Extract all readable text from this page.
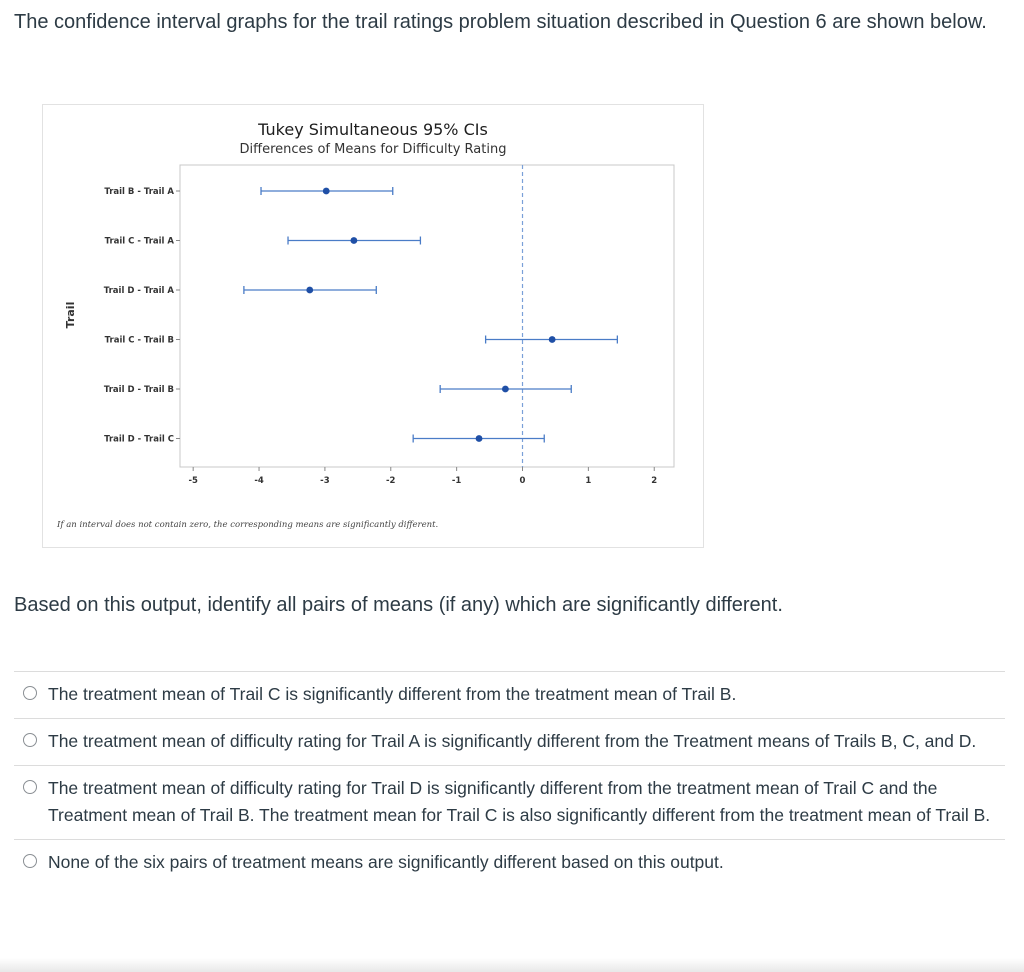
The confidence interval graphs for the trail ratings problem situation described in Question 6 are shown below.

Tukey Simultaneous 95% CIs
Differences of Means for Difficulty Rating
Trail
-5	-4	-3	-2	-1	0	1	2
Trail B - Trail A
Trail C - Trail A
Trail D - Trail A
Trail C - Trail B
Trail D - Trail B
Trail D - Trail C
If an interval does not contain zero, the corresponding means are significantly different.

Based on this output, identify all pairs of means (if any) which are significantly different.

The treatment mean of Trail C is significantly different from the treatment mean of Trail B.
The treatment mean of difficulty rating for Trail A is significantly different from the Treatment means of Trails B, C, and D.
The treatment mean of difficulty rating for Trail D is significantly different from the treatment mean of Trail C and the Treatment mean of Trail B. The treatment mean for Trail C is also significantly different from the treatment mean of Trail B.
None of the six pairs of treatment means are significantly different based on this output.
